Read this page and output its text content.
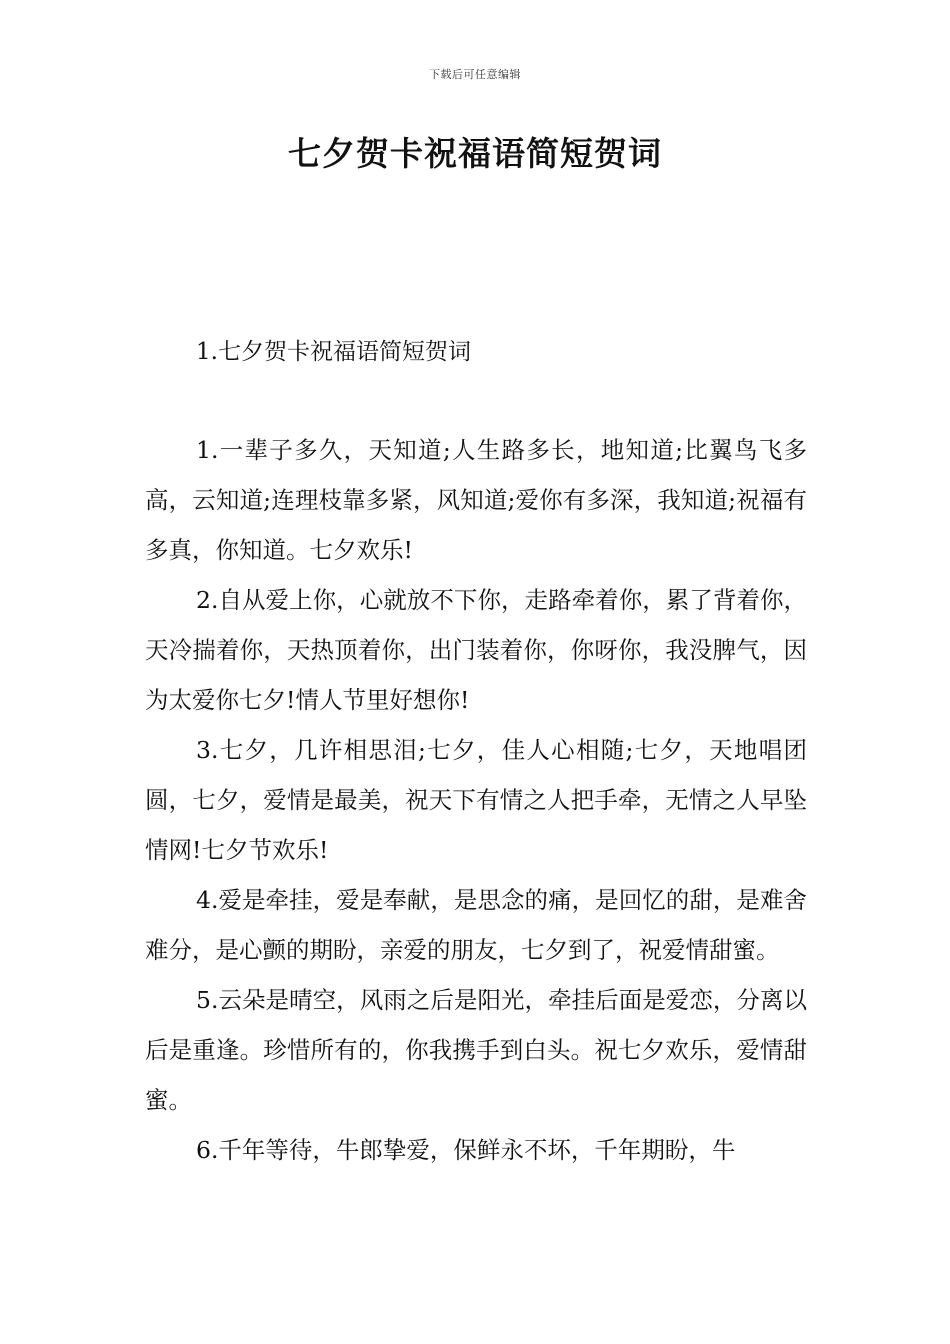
下载后可任意编辑
七夕贺卡祝福语简短贺词
1.七夕贺卡祝福语简短贺词

1.一辈子多久，天知道;人生路多长，地知道;比翼鸟飞多高，云知道;连理枝靠多紧，风知道;爱你有多深，我知道;祝福有多真，你知道。七夕欢乐!

2.自从爱上你，心就放不下你，走路牵着你，累了背着你，天冷揣着你，天热顶着你，出门装着你，你呀你，我没脾气，因为太爱你七夕!情人节里好想你!

3.七夕，几许相思泪;七夕，佳人心相随;七夕，天地唱团圆，七夕，爱情是最美，祝天下有情之人把手牵，无情之人早坠情网!七夕节欢乐!

4.爱是牵挂，爱是奉献，是思念的痛，是回忆的甜，是难舍难分，是心颤的期盼，亲爱的朋友，七夕到了，祝爱情甜蜜。

5.云朵是晴空，风雨之后是阳光，牵挂后面是爱恋，分离以后是重逢。珍惜所有的，你我携手到白头。祝七夕欢乐，爱情甜蜜。

6.千年等待，牛郎挚爱，保鲜永不坏，千年期盼，牛
